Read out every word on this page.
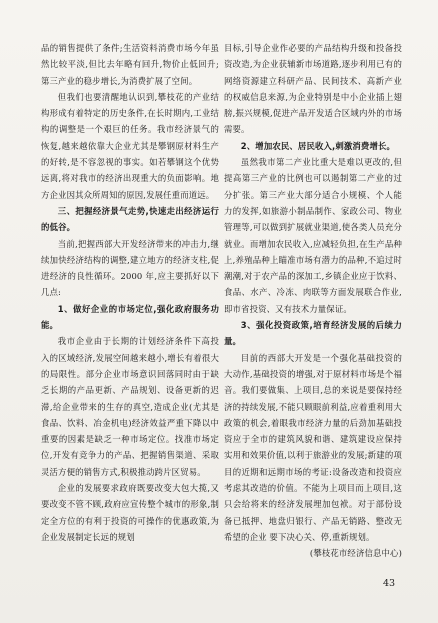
品的销售提供了条件;生活资料消费市场今年虽然比较平淡,但比去年略有回升,物价止低回升;第三产业的稳步增长,为消费扩展了空间。

但我们也要清醒地认识到,攀枝花的产业结构形成有着特定的历史条件,在长时期内,工业结构的调整是一个艰巨的任务。我市经济景气的恢复,越来越依靠大企业尤其是攀钢原材料生产的好转,是不容忽视的事实。如若攀钢这个优势远离,将对我市的经济出现重大的负面影响。地方企业因其众所周知的原因,发展任重而道远。

三、把握经济景气走势,快速走出经济运行的低谷。

当前,把握西部大开发经济带来的冲击力,继续加快经济结构的调整,建立地方的经济支柱,促进经济的良性循环。2000 年,应主要抓好以下几点:

1、做好企业的市场定位,强化政府服务功能。

我市企业由于长期的计划经济条件下高投入的区域经济,发展空间越来越小,增长有着很大的局限性。部分企业市场意识回落同时由于缺乏长期的产品更新、产品规划、设备更新的迟滞,给企业带来的生存的真空,造成企业(尤其是食品、饮料、冶金机电)经济效益严重下降以中重要的因素是缺乏一种市场定位。找准市场定位,开发有竞争力的产品、把握销售渠道、采取灵活方便的销售方式,积极推动跨片区贸易。

企业的发展要求政府既要改变大包大揽,又要改变不管不顾,政府应宣传整个城市的形象,制定全方位的有利于投资的可操作的优惠政策,为企业发展制定长远的规划

目标,引导企业作必要的产品结构升级和投备投资改造,为企业获辅新市场道路,逐步利用已有的网络资源建立科研产品、民间技术、高新产业的权威信息来源,为企业特别是中小企业插上翅膀,振兴规模,促进产品开发适合区域内外的市场需要。

2、增加农民、居民收入,刺激消费增长。

虽然我市第二产业比重大是难以更改的,但提高第三产业的比例也可以遏制第二产业的过分扩张。第三产业大部分适合小规模、个人能力的发挥,如旅游小制品制作、家政公司、物业管理等,可以做到扩展就业渠道,使各类人员充分就业。而增加农民收入,应减轻负担,在生产品种上,养殖品种上瞄准市场有潜力的品种,不追过时潮潮,对于农产品的深加工,乡镇企业应于饮料、食品、水产、冷冻、肉联等方面发展联合作业,即市省投资、又有技术力量保证。

3、强化投资政策,培育经济发展的后续力量。

目前的西部大开发是一个强化基础投资的大动作,基础投资的增强,对于原材料市场是个福音。我们要做集、上项目,总的来说是要保持经济的持续发展,不能只顾眼前利益,应着重利用大政策的机会,着眼我市经济力量的后劲加基础投资应于全市的建筑风貌和谐、建筑建设应保持实用和效果价值,以利于旅游业的发展;新建的项目的近期和远期市场的考证:设备改造和投资应考虑其改造的价值。不能为上项目而上项目,这只会给将来的经济发展埋加包袱。对于部份设备已抵押、地盘归银行、产品无销路、整改无希望的企业 要下决心关、停,重新规划。

(攀枝花市经济信息中心)

43
